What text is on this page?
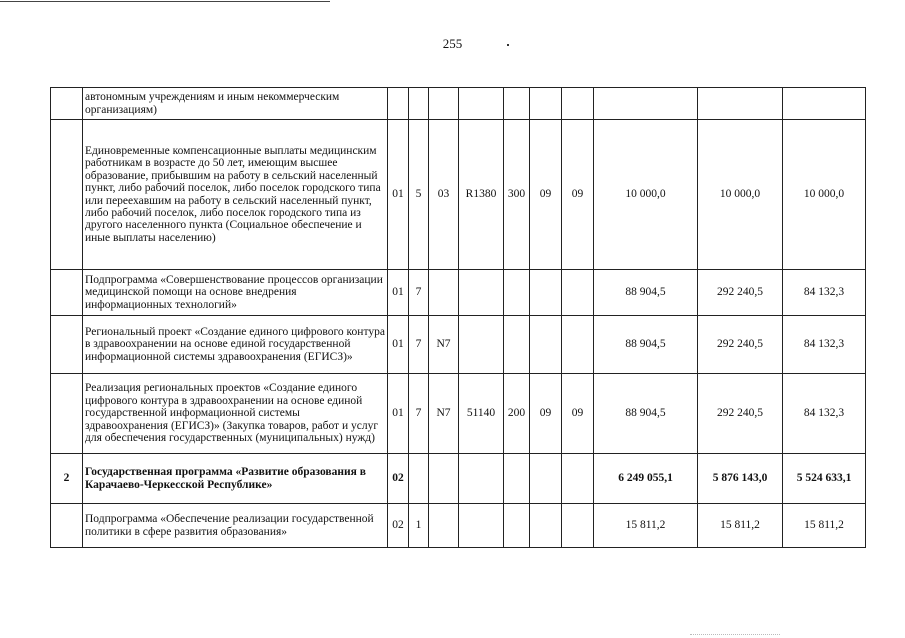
255
	автономным учреждениям и иным некоммерческим организациям)										
	Единовременные компенсационные выплаты медицинским работникам в возрасте до 50 лет, имеющим высшее образование, прибывшим на работу в сельский населенный пункт, либо рабочий поселок, либо поселок городского типа или переехавшим на работу в сельский населенный пункт, либо рабочий поселок, либо поселок городского типа из другого населенного пункта (Социальное обеспечение и иные выплаты населению)	01	5	03	R1380	300	09	09	10 000,0	10 000,0	10 000,0
	Подпрограмма «Совершенствование процессов организации медицинской помощи на основе внедрения информационных технологий»	01	7						88 904,5	292 240,5	84 132,3
	Региональный проект «Создание единого цифрового контура в здравоохранении на основе единой государственной информационной системы здравоохранения (ЕГИСЗ)»	01	7	N7					88 904,5	292 240,5	84 132,3
	Реализация региональных проектов «Создание единого цифрового контура в здравоохранении на основе единой государственной информационной системы здравоохранения (ЕГИСЗ)» (Закупка товаров, работ и услуг для обеспечения государственных (муниципальных) нужд)	01	7	N7	51140	200	09	09	88 904,5	292 240,5	84 132,3
2	Государственная программа «Развитие образования в Карачаево-Черкесской Республике»	02							6 249 055,1	5 876 143,0	5 524 633,1
	Подпрограмма «Обеспечение реализации государственной политики в сфере развития образования»	02	1						15 811,2	15 811,2	15 811,2
